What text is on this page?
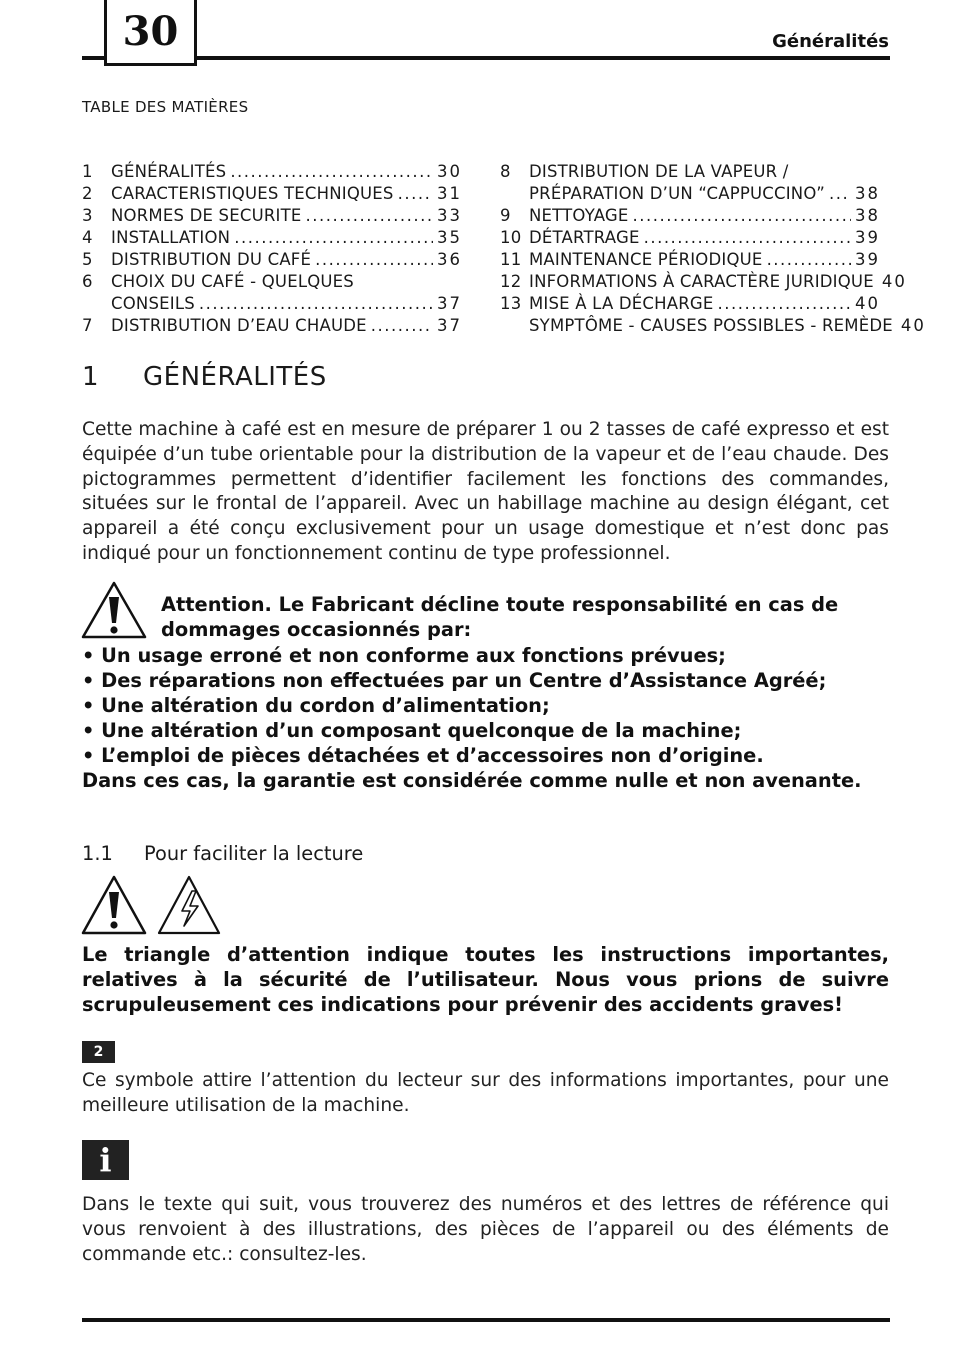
30	Généralités
TABLE DES MATIÈRES
1	GÉNÉRALITÉS .....	30
2	CARACTERISTIQUES TECHNIQUES .....	31
3	NORMES DE SECURITE .....	33
4	INSTALLATION .....	35
5	DISTRIBUTION DU CAFÉ .....	36
6	CHOIX DU CAFÉ - QUELQUES
CONSEILS .....	37
7	DISTRIBUTION D’EAU CHAUDE .....	37
8	DISTRIBUTION DE LA VAPEUR /
PRÉPARATION D’UN “CAPPUCCINO” ..... 38
9	NETTOYAGE .....	38
10 DÉTARTRAGE .....	39
11 MAINTENANCE PÉRIODIQUE .....	39
12 INFORMATIONS À CARACTÈRE JURIDIQUE 40
13 MISE À LA DÉCHARGE .....	40
SYMPTÔME - CAUSES POSSIBLES - REMÈDE 40
1 GÉNÉRALITÉS
Cette machine à café est en mesure de préparer 1 ou 2 tasses de café expresso et est équipée d’un tube orientable pour la distribution de la vapeur et de l’eau chaude. Des pictogrammes permettent d’identifier facilement les fonctions des commandes, situées sur le frontal de l’appareil. Avec un habillage machine au design élégant, cet appareil a été conçu exclusivement pour un usage domestique et n’est donc pas indiqué pour un fonctionnement continu de type professionnel.
Attention. Le Fabricant décline toute responsabilité en cas de dommages occasionnés par:
• Un usage erroné et non conforme aux fonctions prévues;
• Des réparations non effectuées par un Centre d’Assistance Agréé;
• Une altération du cordon d’alimentation;
• Une altération d’un composant quelconque de la machine;
• L’emploi de pièces détachées et d’accessoires non d’origine.
Dans ces cas, la garantie est considérée comme nulle et non avenante.
1.1 Pour faciliter la lecture
Le triangle d’attention indique toutes les instructions importantes, relatives à la sécurité de l’utilisateur. Nous vous prions de suivre scrupuleusement ces indications pour prévenir des accidents graves!
2
Ce symbole attire l’attention du lecteur sur des informations importantes, pour une meilleure utilisation de la machine.
i
Dans le texte qui suit, vous trouverez des numéros et des lettres de référence qui vous renvoient à des illustrations, des pièces de l’appareil ou des éléments de commande etc.: consultez-les.
